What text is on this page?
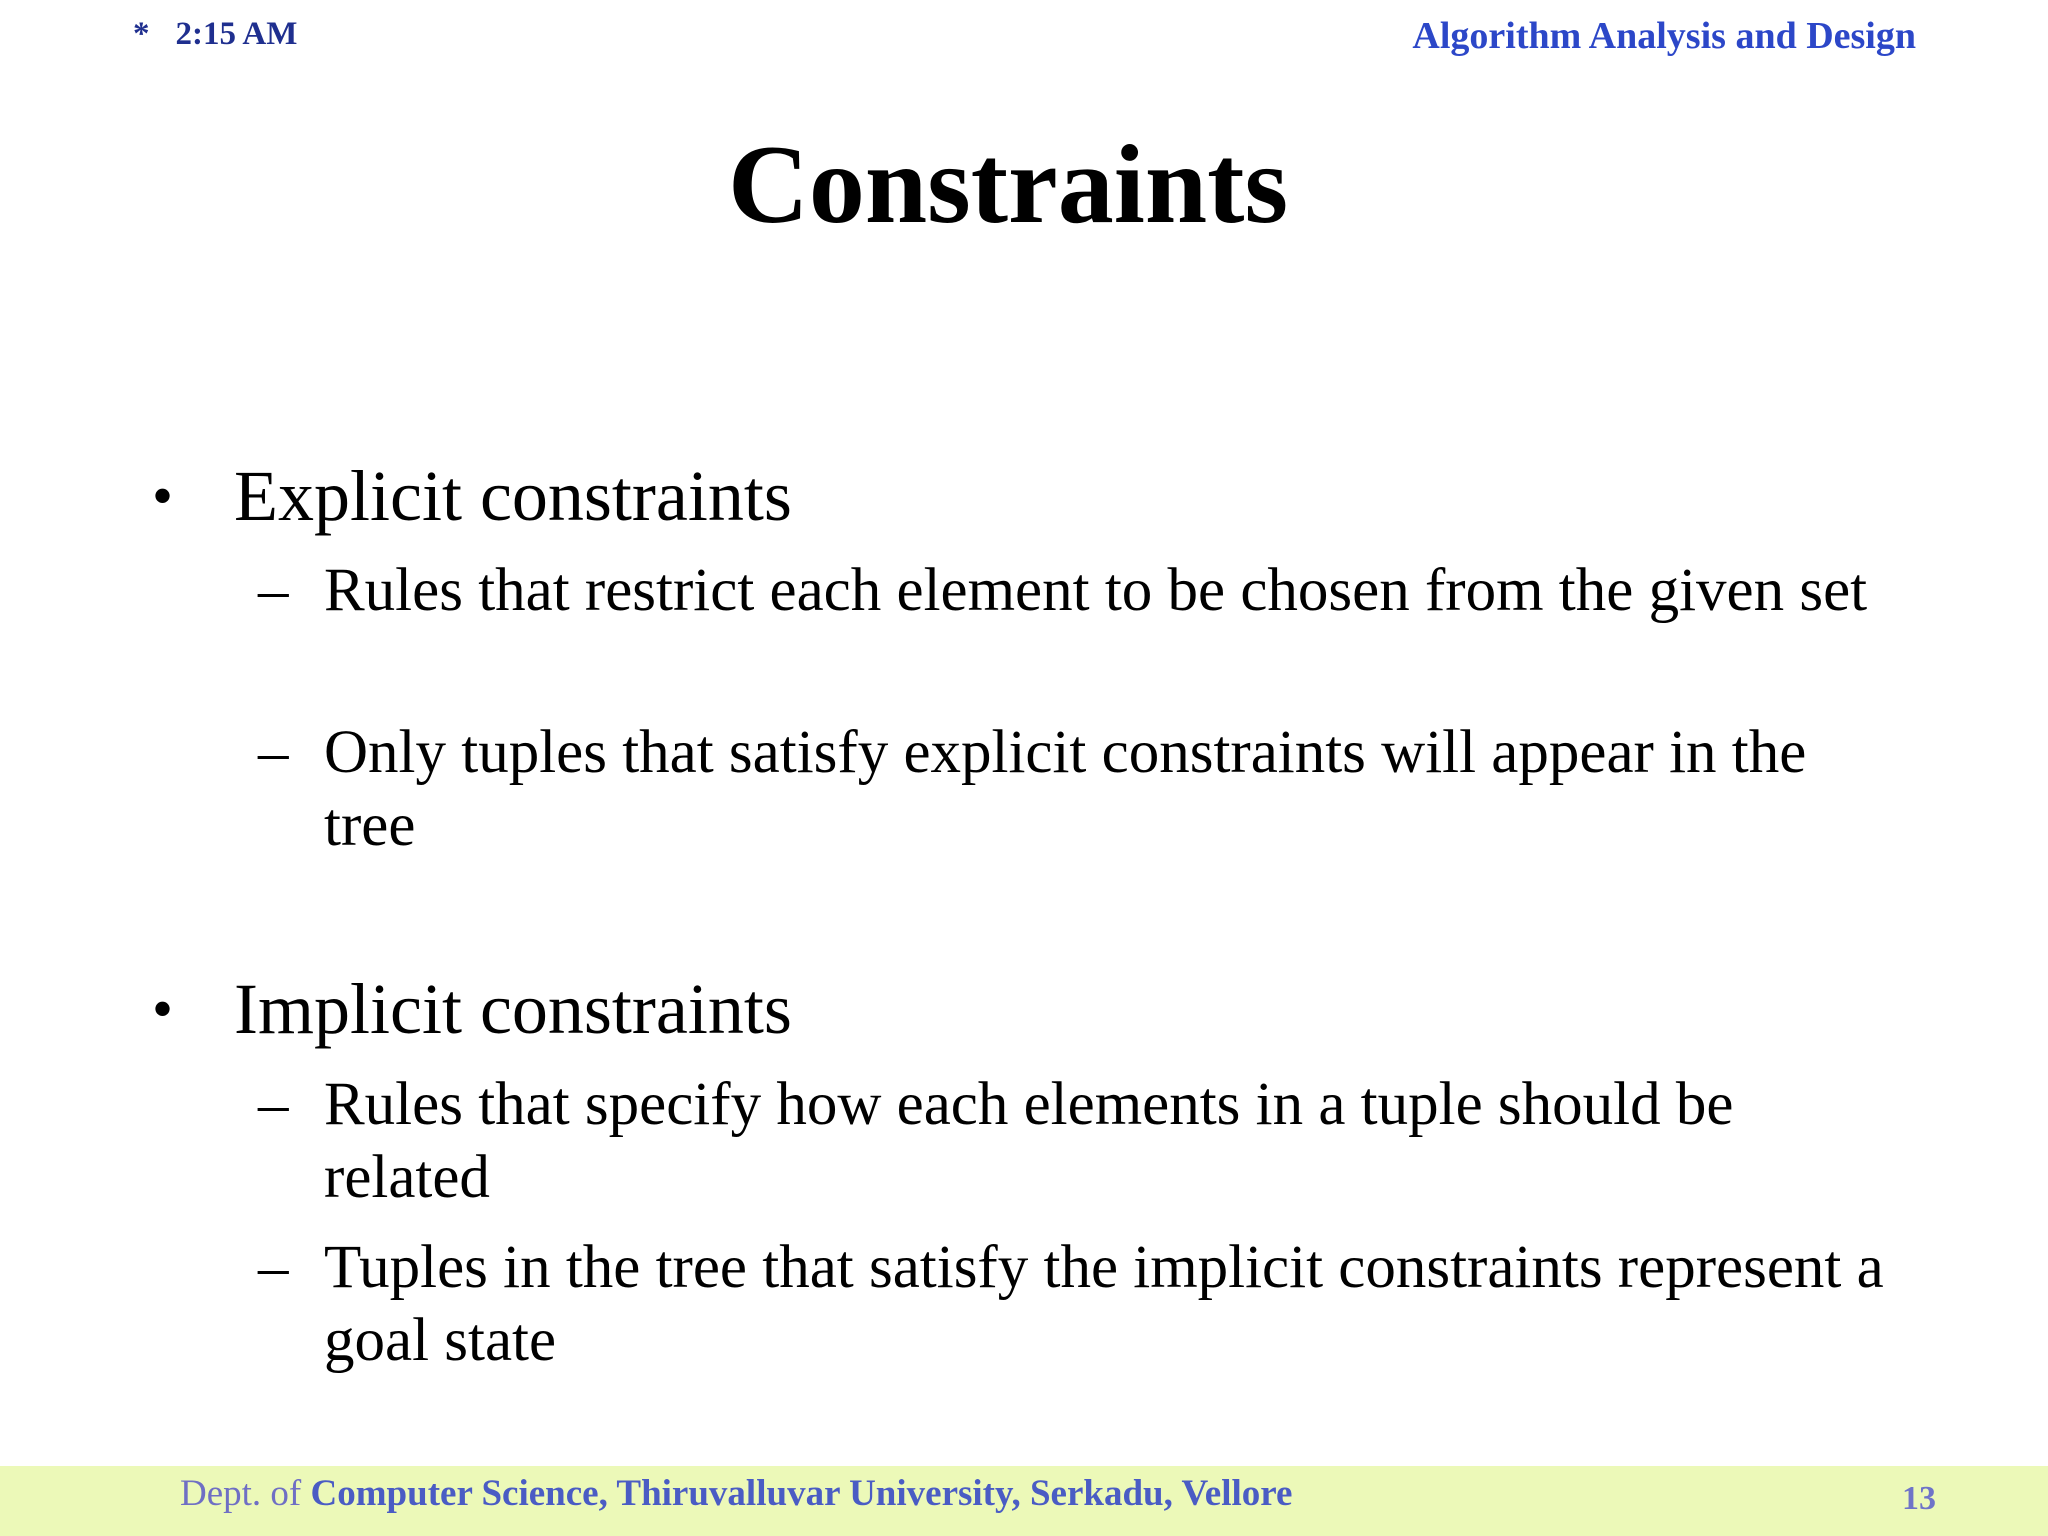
* 2:15 AM	Algorithm Analysis and Design
Constraints
• Explicit constraints
– Rules that restrict each element to be chosen from the given set
– Only tuples that satisfy explicit constraints will appear in the tree
• Implicit constraints
– Rules that specify how each elements in a tuple should be related
– Tuples in the tree that satisfy the implicit constraints represent a goal state
Dept. of Computer Science, Thiruvalluvar University, Serkadu, Vellore	13
